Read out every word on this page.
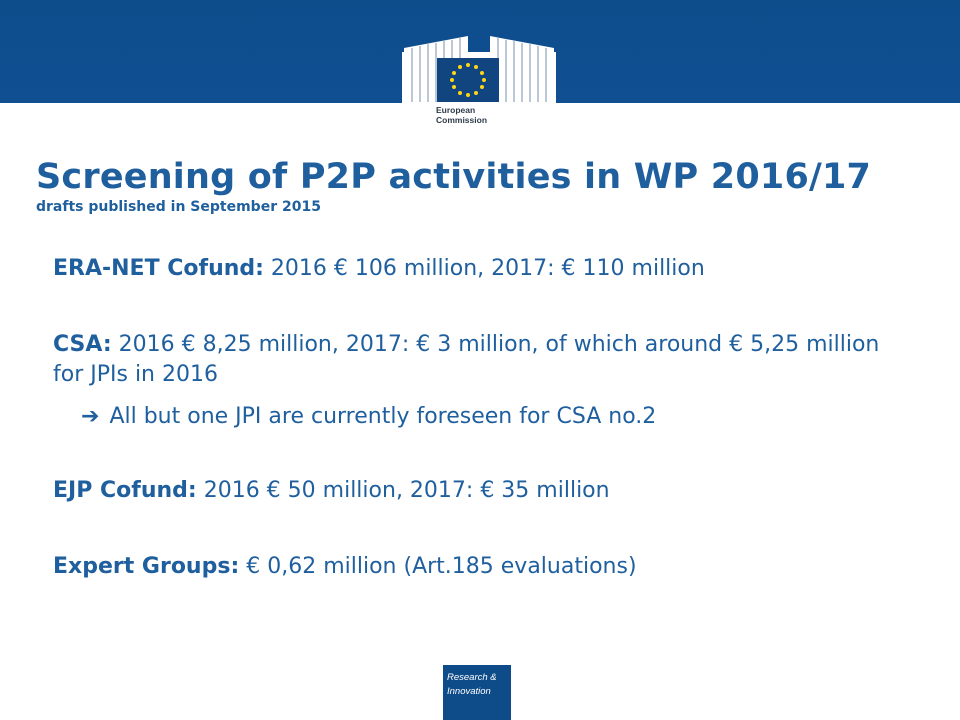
European
Commission
Screening of P2P activities in WP 2016/17

drafts published in September 2015

ERA-NET Cofund: 2016 € 106 million, 2017: € 110 million

CSA: 2016 € 8,25 million, 2017: € 3 million, of which around € 5,25 million for JPIs in 2016

➔ All but one JPI are currently foreseen for CSA no.2

EJP Cofund: 2016 € 50 million, 2017: € 35 million

Expert Groups: € 0,62 million (Art.185 evaluations)

Research &
Innovation
